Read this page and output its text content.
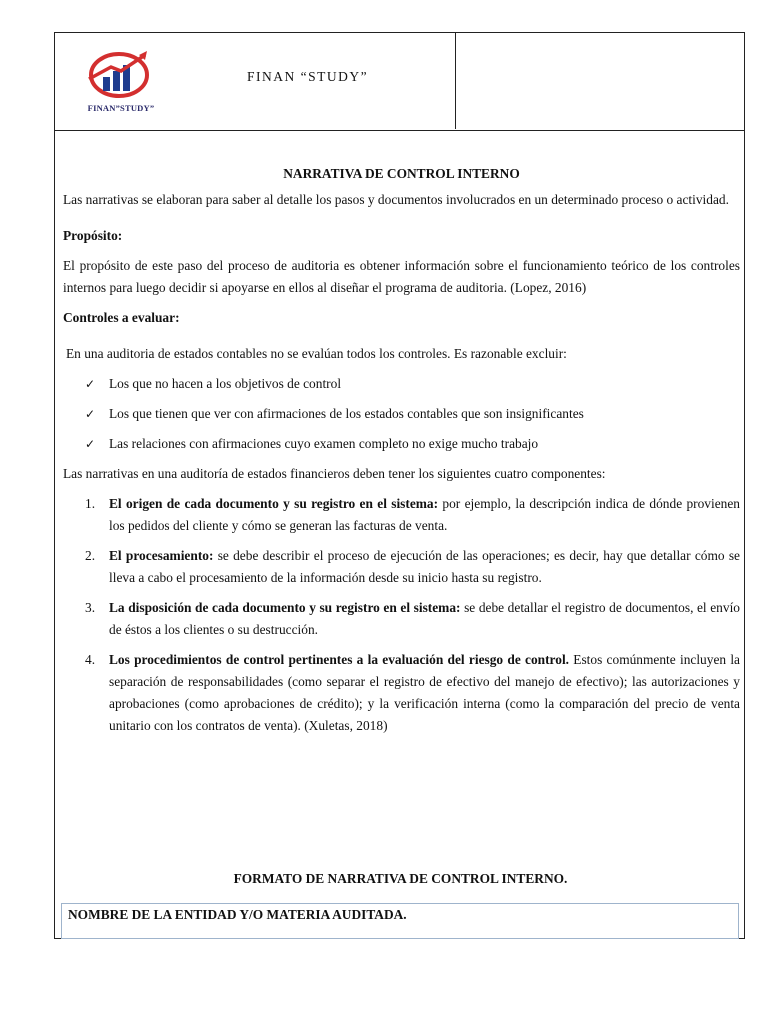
FINAN”STUDY”
FINAN “STUDY”
NARRATIVA DE CONTROL INTERNO

Las narrativas se elaboran para saber al detalle los pasos y documentos involucrados en un determinado proceso o actividad.

Propósito:

El propósito de este paso del proceso de auditoria es obtener información sobre el funcionamiento teórico de los controles internos para luego decidir si apoyarse en ellos al diseñar el programa de auditoria. (Lopez, 2016)

Controles a evaluar:

En una auditoria de estados contables no se evalúan todos los controles. Es razonable excluir:

✓ Los que no hacen a los objetivos de control
✓ Los que tienen que ver con afirmaciones de los estados contables que son insignificantes
✓ Las relaciones con afirmaciones cuyo examen completo no exige mucho trabajo

Las narrativas en una auditoría de estados financieros deben tener los siguientes cuatro componentes:

1. El origen de cada documento y su registro en el sistema: por ejemplo, la descripción indica de dónde provienen los pedidos del cliente y cómo se generan las facturas de venta.
2. El procesamiento: se debe describir el proceso de ejecución de las operaciones; es decir, hay que detallar cómo se lleva a cabo el procesamiento de la información desde su inicio hasta su registro.
3. La disposición de cada documento y su registro en el sistema: se debe detallar el registro de documentos, el envío de éstos a los clientes o su destrucción.
4. Los procedimientos de control pertinentes a la evaluación del riesgo de control. Estos comúnmente incluyen la separación de responsabilidades (como separar el registro de efectivo del manejo de efectivo); las autorizaciones y aprobaciones (como aprobaciones de crédito); y la verificación interna (como la comparación del precio de venta unitario con los contratos de venta). (Xuletas, 2018)
FORMATO DE NARRATIVA DE CONTROL INTERNO.
NOMBRE DE LA ENTIDAD Y/O MATERIA AUDITADA.
